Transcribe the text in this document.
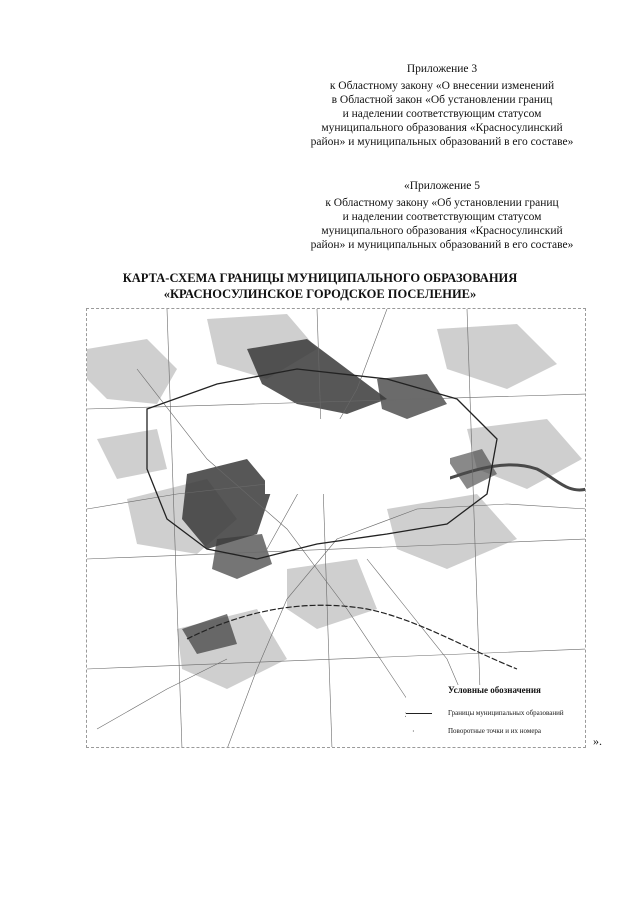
Приложение 3
к Областному закону «О внесении изменений
в Областной закон «Об установлении границ
и наделении соответствующим статусом
муниципального образования «Красносулинский
район» и муниципальных образований в его составе»
«Приложение 5
к Областному закону «Об установлении границ
и наделении соответствующим статусом
муниципального образования «Красносулинский
район» и муниципальных образований в его составе»
КАРТА-СХЕМА ГРАНИЦЫ МУНИЦИПАЛЬНОГО ОБРАЗОВАНИЯ
«КРАСНОСУЛИНСКОЕ ГОРОДСКОЕ ПОСЕЛЕНИЕ»
Условные обозначения
Границы муниципальных образований
·	Поворотные точки и их номера
».
